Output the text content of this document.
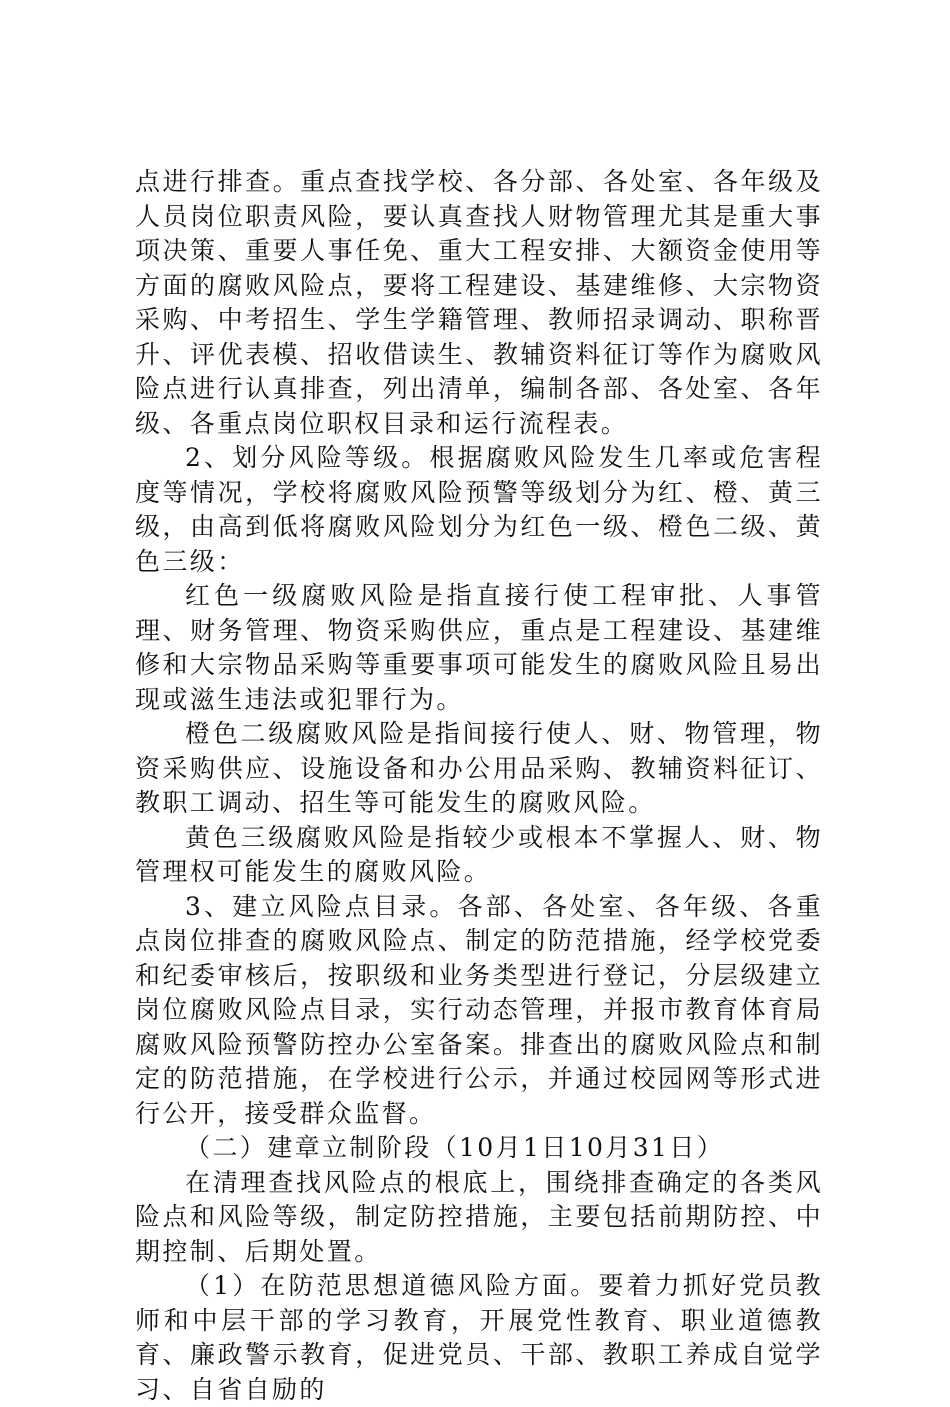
点进行排查。重点查找学校、各分部、各处室、各年级及人员岗位职责风险，要认真查找人财物管理尤其是重大事项决策、重要人事任免、重大工程安排、大额资金使用等方面的腐败风险点，要将工程建设、基建维修、大宗物资采购、中考招生、学生学籍管理、教师招录调动、职称晋升、评优表模、招收借读生、教辅资料征订等作为腐败风险点进行认真排查，列出清单，编制各部、各处室、各年级、各重点岗位职权目录和运行流程表。

2、划分风险等级。根据腐败风险发生几率或危害程度等情况，学校将腐败风险预警等级划分为红、橙、黄三级，由高到低将腐败风险划分为红色一级、橙色二级、黄色三级：

红色一级腐败风险是指直接行使工程审批、人事管理、财务管理、物资采购供应，重点是工程建设、基建维修和大宗物品采购等重要事项可能发生的腐败风险且易出现或滋生违法或犯罪行为。

橙色二级腐败风险是指间接行使人、财、物管理，物资采购供应、设施设备和办公用品采购、教辅资料征订、教职工调动、招生等可能发生的腐败风险。

黄色三级腐败风险是指较少或根本不掌握人、财、物管理权可能发生的腐败风险。

3、建立风险点目录。各部、各处室、各年级、各重点岗位排查的腐败风险点、制定的防范措施，经学校党委和纪委审核后，按职级和业务类型进行登记，分层级建立岗位腐败风险点目录，实行动态管理，并报市教育体育局腐败风险预警防控办公室备案。排查出的腐败风险点和制定的防范措施，在学校进行公示，并通过校园网等形式进行公开，接受群众监督。

（二）建章立制阶段（10月1日10月31日）

在清理查找风险点的根底上，围绕排查确定的各类风险点和风险等级，制定防控措施，主要包括前期防控、中期控制、后期处置。

（1）在防范思想道德风险方面。要着力抓好党员教师和中层干部的学习教育，开展党性教育、职业道德教育、廉政警示教育，促进党员、干部、教职工养成自觉学习、自省自励的
